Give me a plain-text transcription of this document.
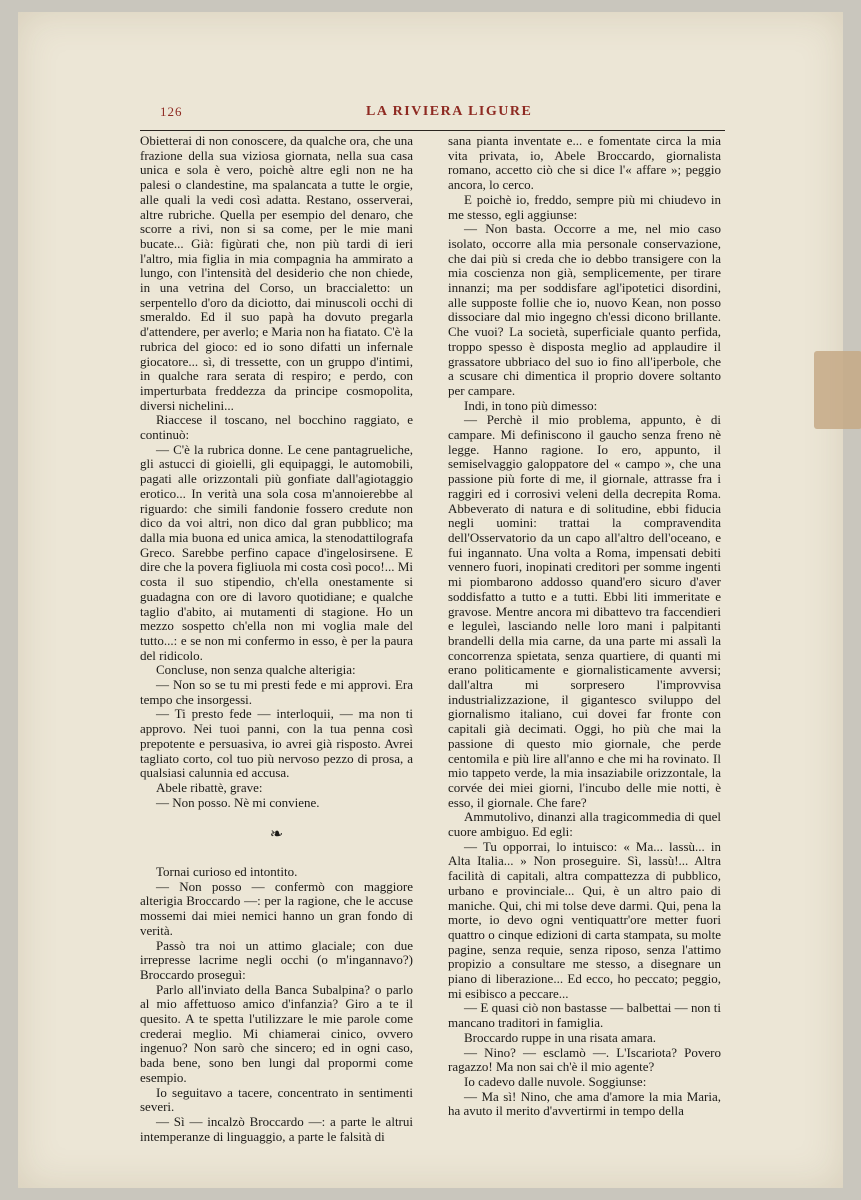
126	LA RIVIERA LIGURE

Obietterai di non conoscere, da qualche ora, che una frazione della sua viziosa giornata, nella sua casa unica e sola è vero, poichè altre egli non ne ha palesi o clandestine, ma spalancata a tutte le orgie, alle quali la vedi così adatta. Restano, osserverai, altre rubriche. Quella per esempio del denaro, che scorre a rivi, non si sa come, per le mie mani bucate... Già: figùrati che, non più tardi di ieri l'altro, mia figlia in mia compagnia ha ammirato a lungo, con l'intensità del desiderio che non chiede, in una vetrina del Corso, un braccialetto: un serpentello d'oro da diciotto, dai minuscoli occhi di smeraldo. Ed il suo papà ha dovuto pregarla d'attendere, per averlo; e Maria non ha fiatato. C'è la rubrica del gioco: ed io sono difatti un infernale giocatore... sì, di tressette, con un gruppo d'intimi, in qualche rara serata di respiro; e perdo, con imperturbata freddezza da principe cosmopolita, diversi nichelini...

Riaccese il toscano, nel bocchino raggiato, e continuò:

— C'è la rubrica donne. Le cene pantagrueliche, gli astucci di gioielli, gli equipaggi, le automobili, pagati alle orizzontali più gonfiate dall'agiotaggio erotico... In verità una sola cosa m'annoierebbe al riguardo: che simili fandonie fossero credute non dico da voi altri, non dico dal gran pubblico; ma dalla mia buona ed unica amica, la stenodattilografa Greco. Sarebbe perfino capace d'ingelosirsene. E dire che la povera figliuola mi costa così poco!... Mi costa il suo stipendio, ch'ella onestamente si guadagna con ore di lavoro quotidiane; e qualche taglio d'abito, ai mutamenti di stagione. Ho un mezzo sospetto ch'ella non mi voglia male del tutto...: e se non mi confermo in esso, è per la paura del ridicolo.

Concluse, non senza qualche alterigia:

— Non so se tu mi presti fede e mi approvi. Era tempo che insorgessi.

— Ti presto fede — interloquii, — ma non ti approvo. Nei tuoi panni, con la tua penna così prepotente e persuasiva, io avrei già risposto. Avrei tagliato corto, col tuo più nervoso pezzo di prosa, a qualsiasi calunnia ed accusa.

Abele ribattè, grave:

— Non posso. Nè mi conviene.

❧

Tornai curioso ed intontito.

— Non posso — confermò con maggiore alterigia Broccardo —: per la ragione, che le accuse mossemi dai miei nemici hanno un gran fondo di verità.

Passò tra noi un attimo glaciale; con due irrepresse lacrime negli occhi (o m'ingannavo?) Broccardo proseguì:

Parlo all'inviato della Banca Subalpina? o parlo al mio affettuoso amico d'infanzia? Giro a te il quesito. A te spetta l'utilizzare le mie parole come crederai meglio. Mi chiamerai cinico, ovvero ingenuo? Non sarò che sincero; ed in ogni caso, bada bene, sono ben lungi dal propormi come esempio.

Io seguitavo a tacere, concentrato in sentimenti severi.

— Sì — incalzò Broccardo —: a parte le altrui intemperanze di linguaggio, a parte le falsità di

sana pianta inventate e... e fomentate circa la mia vita privata, io, Abele Broccardo, giornalista romano, accetto ciò che si dice l'« affare »; peggio ancora, lo cerco.

E poichè io, freddo, sempre più mi chiudevo in me stesso, egli aggiunse:

— Non basta. Occorre a me, nel mio caso isolato, occorre alla mia personale conservazione, che dai più si creda che io debbo transigere con la mia coscienza non già, semplicemente, per tirare innanzi; ma per soddisfare agl'ipotetici disordini, alle supposte follie che io, nuovo Kean, non posso dissociare dal mio ingegno ch'essi dicono brillante. Che vuoi? La società, superficiale quanto perfida, troppo spesso è disposta meglio ad applaudire il grassatore ubbriaco del suo io fino all'iperbole, che a scusare chi dimentica il proprio dovere soltanto per campare.

Indi, in tono più dimesso:

— Perchè il mio problema, appunto, è di campare. Mi definiscono il gaucho senza freno nè legge. Hanno ragione. Io ero, appunto, il semiselvaggio galoppatore del « campo », che una passione più forte di me, il giornale, attrasse fra i raggiri ed i corrosivi veleni della decrepita Roma. Abbeverato di natura e di solitudine, ebbi fiducia negli uomini: trattai la compravendita dell'Osservatorio da un capo all'altro dell'oceano, e fui ingannato. Una volta a Roma, impensati debiti vennero fuori, inopinati creditori per somme ingenti mi piombarono addosso quand'ero sicuro d'aver soddisfatto a tutto e a tutti. Ebbi liti immeritate e gravose. Mentre ancora mi dibattevo tra faccendieri e leguleì, lasciando nelle loro mani i palpitanti brandelli della mia carne, da una parte mi assalì la concorrenza spietata, senza quartiere, di quanti mi erano politicamente e giornalisticamente avversi; dall'altra mi sorpresero l'improvvisa industrializzazione, il gigantesco sviluppo del giornalismo italiano, cui dovei far fronte con capitali già decimati. Oggi, ho più che mai la passione di questo mio giornale, che perde centomila e più lire all'anno e che mi ha rovinato. Il mio tappeto verde, la mia insaziabile orizzontale, la corvée dei miei giorni, l'incubo delle mie notti, è esso, il giornale. Che fare?

Ammutolivo, dinanzi alla tragicommedia di quel cuore ambiguo. Ed egli:

— Tu opporrai, lo intuisco: « Ma... lassù... in Alta Italia... » Non proseguire. Sì, lassù!... Altra facilità di capitali, altra compattezza di pubblico, urbano e provinciale... Qui, è un altro paio di maniche. Qui, chi mi tolse deve darmi. Qui, pena la morte, io devo ogni ventiquattr'ore metter fuori quattro o cinque edizioni di carta stampata, su molte pagine, senza requie, senza riposo, senza l'attimo propizio a consultare me stesso, a disegnare un piano di liberazione... Ed ecco, ho peccato; peggio, mi esibisco a peccare...

— E quasi ciò non bastasse — balbettai — non ti mancano traditori in famiglia.

Broccardo ruppe in una risata amara.

— Nino? — esclamò —. L'Iscariota? Povero ragazzo! Ma non sai ch'è il mio agente?

Io cadevo dalle nuvole. Soggiunse:

— Ma sì! Nino, che ama d'amore la mia Maria, ha avuto il merito d'avvertirmi in tempo della
